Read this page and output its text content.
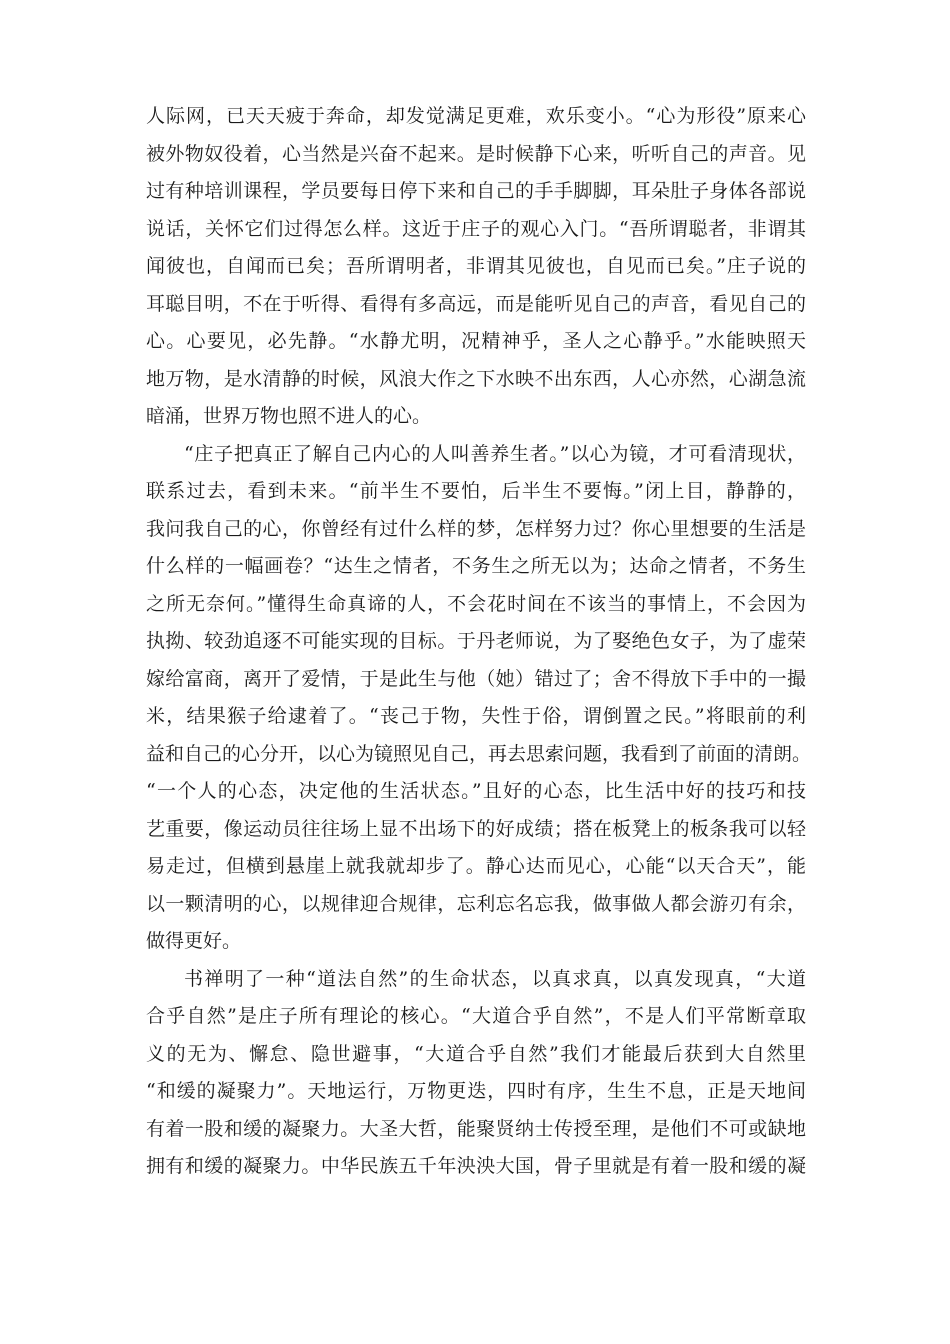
人际网，已天天疲于奔命，却发觉满足更难，欢乐变小。“心为形役”原来心
被外物奴役着，心当然是兴奋不起来。是时候静下心来，听听自己的声音。见
过有种培训课程，学员要每日停下来和自己的手手脚脚，耳朵肚子身体各部说
说话，关怀它们过得怎么样。这近于庄子的观心入门。“吾所谓聪者，非谓其
闻彼也，自闻而已矣；吾所谓明者，非谓其见彼也，自见而已矣。”庄子说的
耳聪目明，不在于听得、看得有多高远，而是能听见自己的声音，看见自己的
心。心要见，必先静。“水静尤明，况精神乎，圣人之心静乎。”水能映照天
地万物，是水清静的时候，风浪大作之下水映不出东西，人心亦然，心湖急流
暗涌，世界万物也照不进人的心。
“庄子把真正了解自己内心的人叫善养生者。”以心为镜，才可看清现状，
联系过去，看到未来。“前半生不要怕，后半生不要悔。”闭上目，静静的，
我问我自己的心，你曾经有过什么样的梦，怎样努力过？你心里想要的生活是
什么样的一幅画卷？“达生之情者，不务生之所无以为；达命之情者，不务生
之所无奈何。”懂得生命真谛的人，不会花时间在不该当的事情上，不会因为
执拗、较劲追逐不可能实现的目标。于丹老师说，为了娶绝色女子，为了虚荣
嫁给富商，离开了爱情，于是此生与他（她）错过了；舍不得放下手中的一撮
米，结果猴子给逮着了。“丧己于物，失性于俗，谓倒置之民。”将眼前的利
益和自己的心分开，以心为镜照见自己，再去思索问题，我看到了前面的清朗。
“一个人的心态，决定他的生活状态。”且好的心态，比生活中好的技巧和技
艺重要，像运动员往往场上显不出场下的好成绩；搭在板凳上的板条我可以轻
易走过，但横到悬崖上就我就却步了。静心达而见心，心能“以天合天”，能
以一颗清明的心，以规律迎合规律，忘利忘名忘我，做事做人都会游刃有余，
做得更好。
书禅明了一种“道法自然”的生命状态，以真求真，以真发现真，“大道
合乎自然”是庄子所有理论的核心。“大道合乎自然”，不是人们平常断章取
义的无为、懈怠、隐世避事，“大道合乎自然”我们才能最后获到大自然里
“和缓的凝聚力”。天地运行，万物更迭，四时有序，生生不息，正是天地间
有着一股和缓的凝聚力。大圣大哲，能聚贤纳士传授至理，是他们不可或缺地
拥有和缓的凝聚力。中华民族五千年泱泱大国，骨子里就是有着一股和缓的凝
